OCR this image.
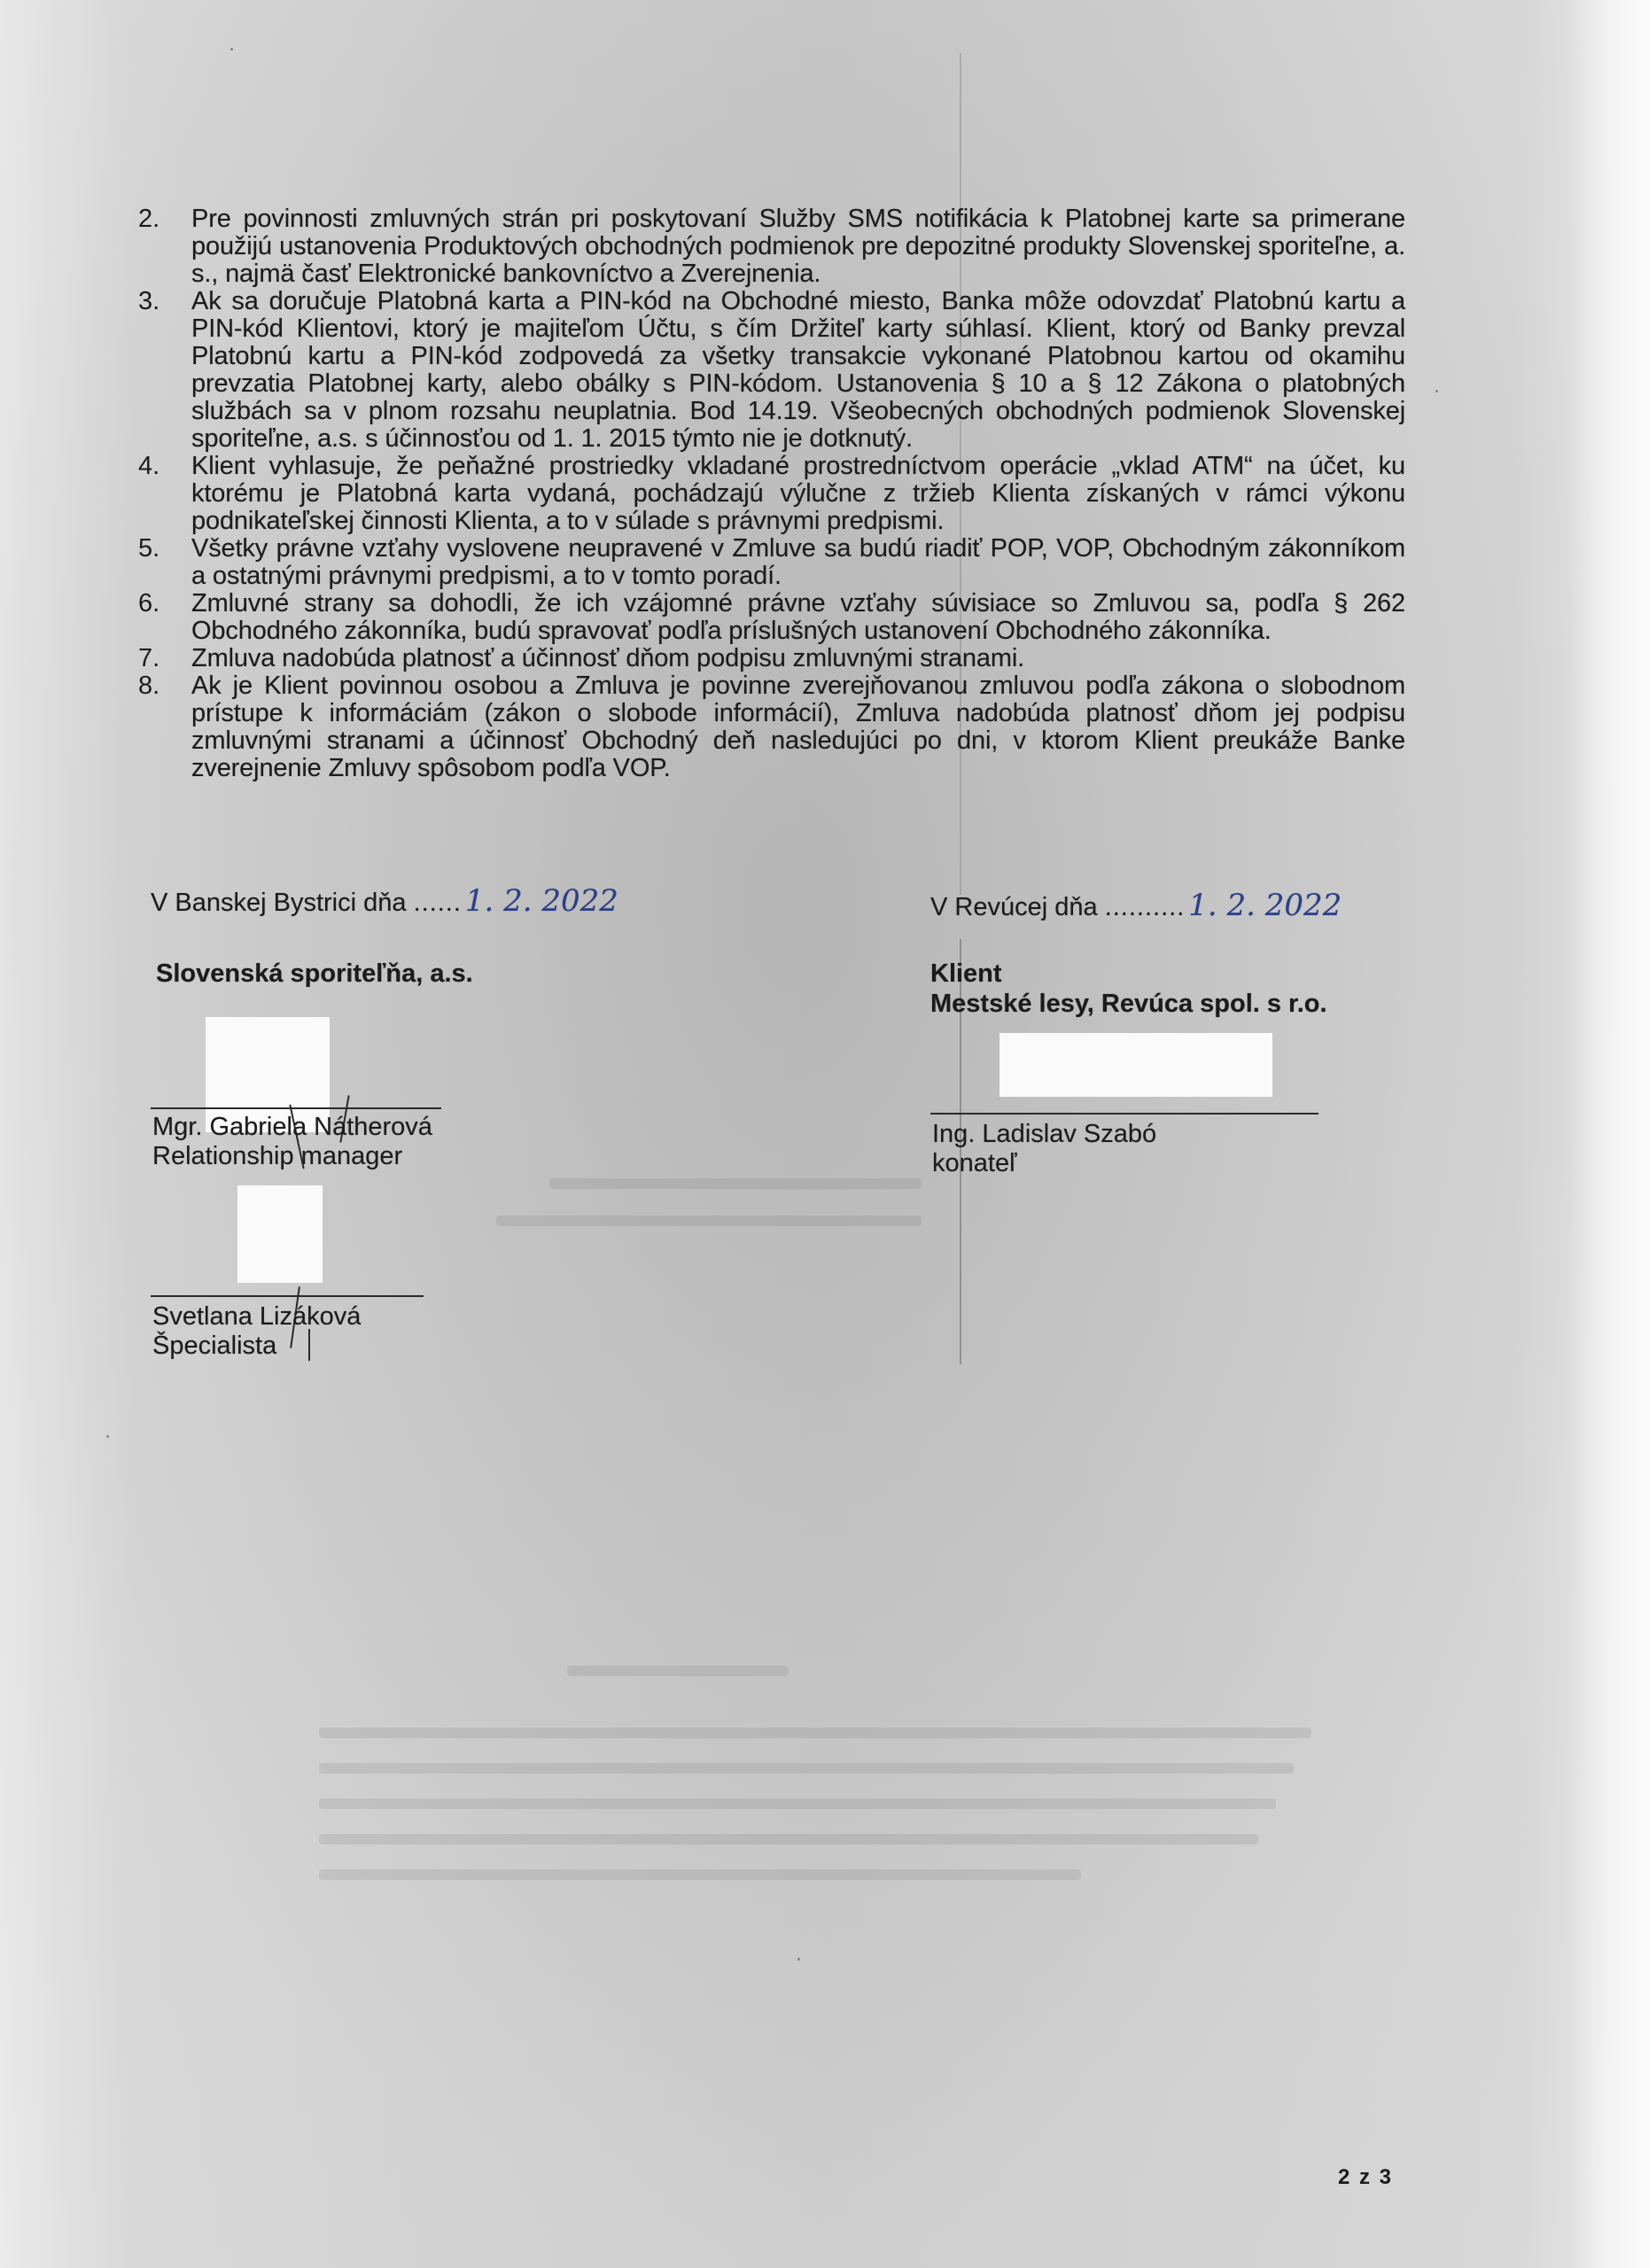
2.	Pre povinnosti zmluvných strán pri poskytovaní Služby SMS notifikácia k Platobnej karte sa primerane použijú ustanovenia Produktových obchodných podmienok pre depozitné produkty Slovenskej sporiteľne, a. s., najmä časť Elektronické bankovníctvo a Zverejnenia.
3.	Ak sa doručuje Platobná karta a PIN-kód na Obchodné miesto, Banka môže odovzdať Platobnú kartu a PIN-kód Klientovi, ktorý je majiteľom Účtu, s čím Držiteľ karty súhlasí. Klient, ktorý od Banky prevzal Platobnú kartu a PIN-kód zodpovedá za všetky transakcie vykonané Platobnou kartou od okamihu prevzatia Platobnej karty, alebo obálky s PIN-kódom. Ustanovenia § 10 a § 12 Zákona o platobných službách sa v plnom rozsahu neuplatnia. Bod 14.19. Všeobecných obchodných podmienok Slovenskej sporiteľne, a.s. s účinnosťou od 1. 1. 2015 týmto nie je dotknutý.
4.	Klient vyhlasuje, že peňažné prostriedky vkladané prostredníctvom operácie „vklad ATM“ na účet, ku ktorému je Platobná karta vydaná, pochádzajú výlučne z tržieb Klienta získaných v rámci výkonu podnikateľskej činnosti Klienta, a to v súlade s právnymi predpismi.
5.	Všetky právne vzťahy vyslovene neupravené v Zmluve sa budú riadiť POP, VOP, Obchodným zákonníkom a ostatnými právnymi predpismi, a to v tomto poradí.
6.	Zmluvné strany sa dohodli, že ich vzájomné právne vzťahy súvisiace so Zmluvou sa, podľa § 262 Obchodného zákonníka, budú spravovať podľa príslušných ustanovení Obchodného zákonníka.
7.	Zmluva nadobúda platnosť a účinnosť dňom podpisu zmluvnými stranami.
8.	Ak je Klient povinnou osobou a Zmluva je povinne zverejňovanou zmluvou podľa zákona o slobodnom prístupe k informáciám (zákon o slobode informácií), Zmluva nadobúda platnosť dňom jej podpisu zmluvnými stranami a účinnosť Obchodný deň nasledujúci po dni, v ktorom Klient preukáže Banke zverejnenie Zmluvy spôsobom podľa VOP.
V Banskej Bystrici dňa ...... 1. 2. 2022	V Revúcej dňa .......... 1. 2. 2022
Slovenská sporiteľňa, a.s.	Klient
Mestské lesy, Revúca spol. s r.o.
Mgr. Gabriela Nátherová
Relationship manager
Ing. Ladislav Szabó
konateľ
Svetlana Lizáková
Špecialista
2 z 3
